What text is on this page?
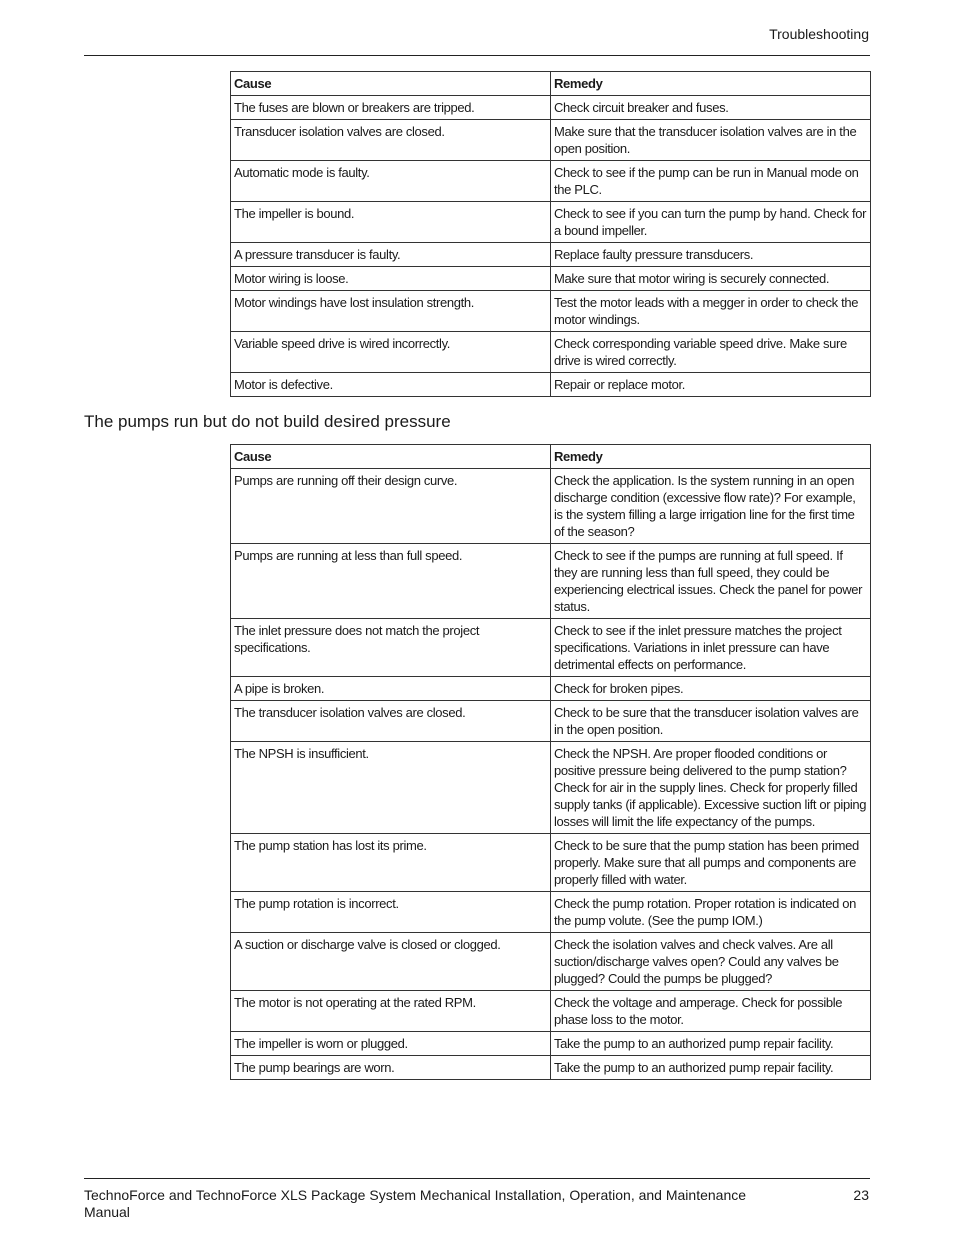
Troubleshooting
Cause	Remedy
The fuses are blown or breakers are tripped.	Check circuit breaker and fuses.
Transducer isolation valves are closed.	Make sure that the transducer isolation valves are in the open position.
Automatic mode is faulty.	Check to see if the pump can be run in Manual mode on the PLC.
The impeller is bound.	Check to see if you can turn the pump by hand. Check for a bound impeller.
A pressure transducer is faulty.	Replace faulty pressure transducers.
Motor wiring is loose.	Make sure that motor wiring is securely connected.
Motor windings have lost insulation strength.	Test the motor leads with a megger in order to check the motor windings.
Variable speed drive is wired incorrectly.	Check corresponding variable speed drive. Make sure drive is wired correctly.
Motor is defective.	Repair or replace motor.
The pumps run but do not build desired pressure
Cause	Remedy
Pumps are running off their design curve.	Check the application. Is the system running in an open discharge condition (excessive flow rate)? For example, is the system filling a large irrigation line for the first time of the season?
Pumps are running at less than full speed.	Check to see if the pumps are running at full speed. If they are running less than full speed, they could be experiencing electrical issues. Check the panel for power status.
The inlet pressure does not match the project specifications.	Check to see if the inlet pressure matches the project specifications. Variations in inlet pressure can have detrimental effects on performance.
A pipe is broken.	Check for broken pipes.
The transducer isolation valves are closed.	Check to be sure that the transducer isolation valves are in the open position.
The NPSH is insufficient.	Check the NPSH. Are proper flooded conditions or positive pressure being delivered to the pump station? Check for air in the supply lines. Check for properly filled supply tanks (if applicable). Excessive suction lift or piping losses will limit the life expectancy of the pumps.
The pump station has lost its prime.	Check to be sure that the pump station has been primed properly. Make sure that all pumps and components are properly filled with water.
The pump rotation is incorrect.	Check the pump rotation. Proper rotation is indicated on the pump volute. (See the pump IOM.)
A suction or discharge valve is closed or clogged.	Check the isolation valves and check valves. Are all suction/discharge valves open? Could any valves be plugged? Could the pumps be plugged?
The motor is not operating at the rated RPM.	Check the voltage and amperage. Check for possible phase loss to the motor.
The impeller is worn or plugged.	Take the pump to an authorized pump repair facility.
The pump bearings are worn.	Take the pump to an authorized pump repair facility.
TechnoForce and TechnoForce XLS Package System Mechanical Installation, Operation, and Maintenance Manual
23
